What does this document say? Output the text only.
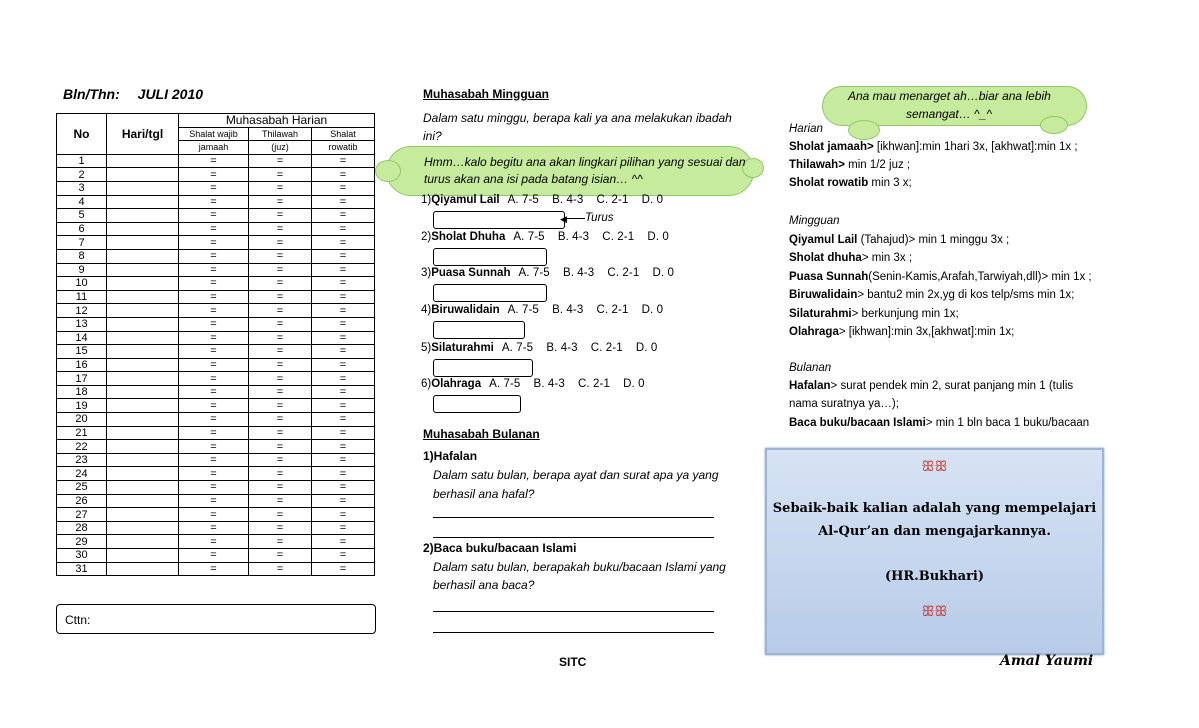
Bln/Thn: JULI 2010
No	Hari/tgl	Muhasabah Harian		
		Shalat wajib	Thilawah	Shalat
		jamaah	(juz)	rowatib
1		=	=	=
2		=	=	=
3		=	=	=
4		=	=	=
5		=	=	=
6		=	=	=
7		=	=	=
8		=	=	=
9		=	=	=
10		=	=	=
11		=	=	=
12		=	=	=
13		=	=	=
14		=	=	=
15		=	=	=
16		=	=	=
17		=	=	=
18		=	=	=
19		=	=	=
20		=	=	=
21		=	=	=
22		=	=	=
23		=	=	=
24		=	=	=
25		=	=	=
26		=	=	=
27		=	=	=
28		=	=	=
29		=	=	=
30		=	=	=
31		=	=	=
Cttn:
Muhasabah Mingguan
Dalam satu minggu, berapa kali ya ana melakukan ibadah
ini?
Hmm…kalo begitu ana akan lingkari pilihan yang sesuai dan
turus akan ana isi pada batang isian… ^^
1)Qiyamul Lail A. 7-5    B. 4-3    C. 2-1    D. 0
2)Sholat Dhuha A. 7-5    B. 4-3    C. 2-1    D. 0
3)Puasa Sunnah A. 7-5    B. 4-3    C. 2-1    D. 0
4)Biruwalidain A. 7-5    B. 4-3    C. 2-1    D. 0
5)Silaturahmi A. 7-5    B. 4-3    C. 2-1    D. 0
6)Olahraga A. 7-5    B. 4-3    C. 2-1    D. 0
◀ Turus
Muhasabah Bulanan
1)Hafalan
Dalam satu bulan, berapa ayat dan surat apa ya yang
berhasil ana hafal?
2)Baca buku/bacaan Islami
Dalam satu bulan, berapakah buku/bacaan Islami yang
berhasil ana baca?
SITC
Ana mau menarget ah…biar ana lebih
semangat… ^_^
Harian
Sholat jamaah> [ikhwan]:min 1hari 3x, [akhwat]:min 1x ;
Thilawah> min 1/2 juz ;
Sholat rowatib min 3 x;
Mingguan
Qiyamul Lail (Tahajud)> min 1 minggu 3x ;
Sholat dhuha> min 3x ;
Puasa Sunnah(Senin-Kamis,Arafah,Tarwiyah,dll)> min 1x ;
Biruwalidain> bantu2 min 2x,yg di kos telp/sms min 1x;
Silaturahmi> berkunjung min 1x;
Olahraga> [ikhwan]:min 3x,[akhwat]:min 1x;
Bulanan
Hafalan> surat pendek min 2, surat panjang min 1 (tulis
nama suratnya ya…);
Baca buku/bacaan Islami> min 1 bln baca 1 buku/bacaan
ꕥꕥ
Sebaik-baik kalian adalah yang mempelajari
Al-Qur’an dan mengajarkannya.
(HR.Bukhari)
ꕥꕥ
Amal Yaumi
